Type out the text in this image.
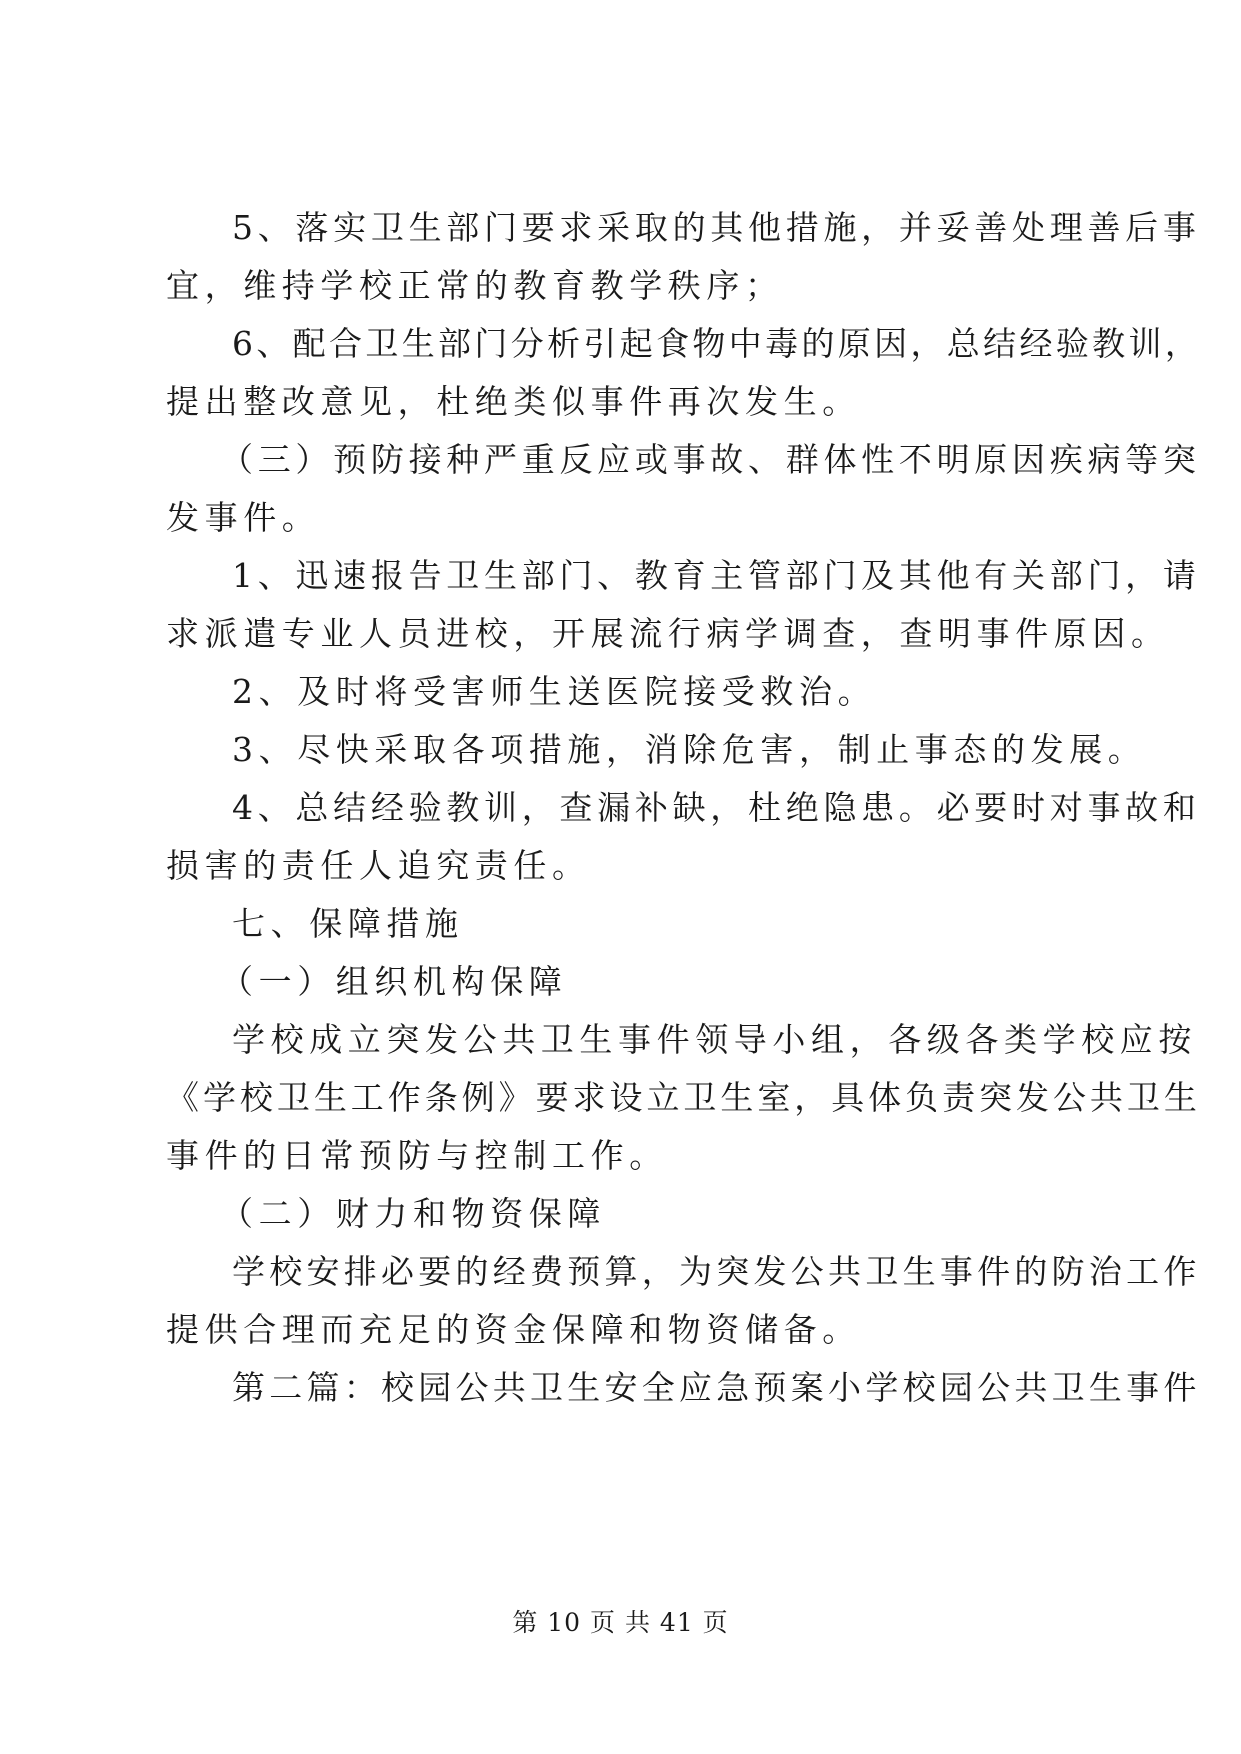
5、落实卫生部门要求采取的其他措施，并妥善处理善后事
宜，维持学校正常的教育教学秩序；
6、配合卫生部门分析引起食物中毒的原因，总结经验教训，
提出整改意见，杜绝类似事件再次发生。
（三）预防接种严重反应或事故、群体性不明原因疾病等突
发事件。
1、迅速报告卫生部门、教育主管部门及其他有关部门，请
求派遣专业人员进校，开展流行病学调查，查明事件原因。
2、及时将受害师生送医院接受救治。
3、尽快采取各项措施，消除危害，制止事态的发展。
4、总结经验教训，查漏补缺，杜绝隐患。必要时对事故和
损害的责任人追究责任。
七、保障措施
（一）组织机构保障
学校成立突发公共卫生事件领导小组，各级各类学校应按
《学校卫生工作条例》要求设立卫生室，具体负责突发公共卫生
事件的日常预防与控制工作。
（二）财力和物资保障
学校安排必要的经费预算，为突发公共卫生事件的防治工作
提供合理而充足的资金保障和物资储备。
第二篇：校园公共卫生安全应急预案小学校园公共卫生事件
第 10 页 共 41 页
